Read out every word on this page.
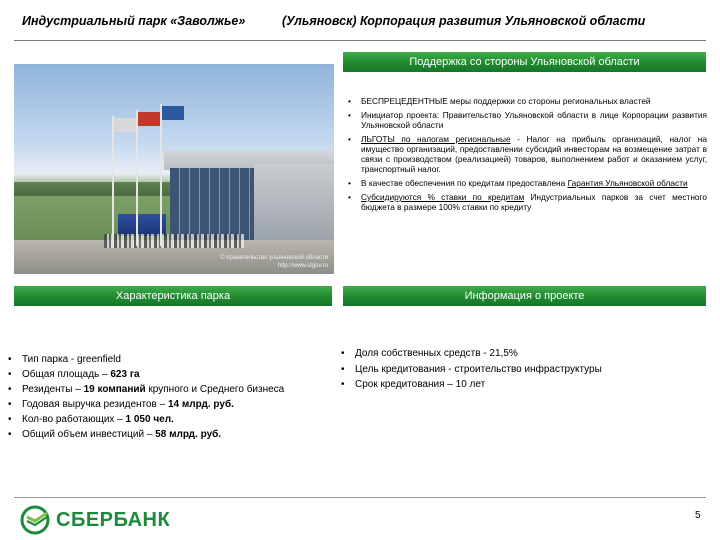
Индустриальный парк «Заволжье»	(Ульяновск) Корпорация развития Ульяновской области
Поддержка со стороны Ульяновской области
© правительство ульяновской области
http://www.ulgov.ru
• БЕСПРЕЦЕДЕНТНЫЕ меры поддержки со стороны региональных властей
• Инициатор проекта: Правительство Ульяновской области в лице Корпорации развития Ульяновской области
• ЛЬГОТЫ по налогам региональные - Налог на прибыль организаций, налог на имущество организаций, предоставлении субсидий инвесторам на возмещение затрат в связи с производством (реализацией) товаров, выполнением работ и оказанием услуг, транспортный налог.
• В качестве обеспечения по кредитам предоставлена Гарантия Ульяновской области
• Субсидируются % ставки по кредитам Индустриальных парков за счет местного бюджета в размере 100% ставки по кредиту
Характеристика парка	Информация о проекте
• Тип парка - greenfield
• Общая площадь – 623 га
• Резиденты – 19 компаний крупного и Среднего бизнеса
• Годовая выручка резидентов – 14 млрд. руб.
• Кол-во работающих – 1 050 чел.
• Общий объем инвестиций – 58 млрд. руб.
• Доля собственных средств - 21,5%
• Цель кредитования - строительство инфраструктуры
• Срок кредитования – 10 лет
СБЕРБАНК	5
